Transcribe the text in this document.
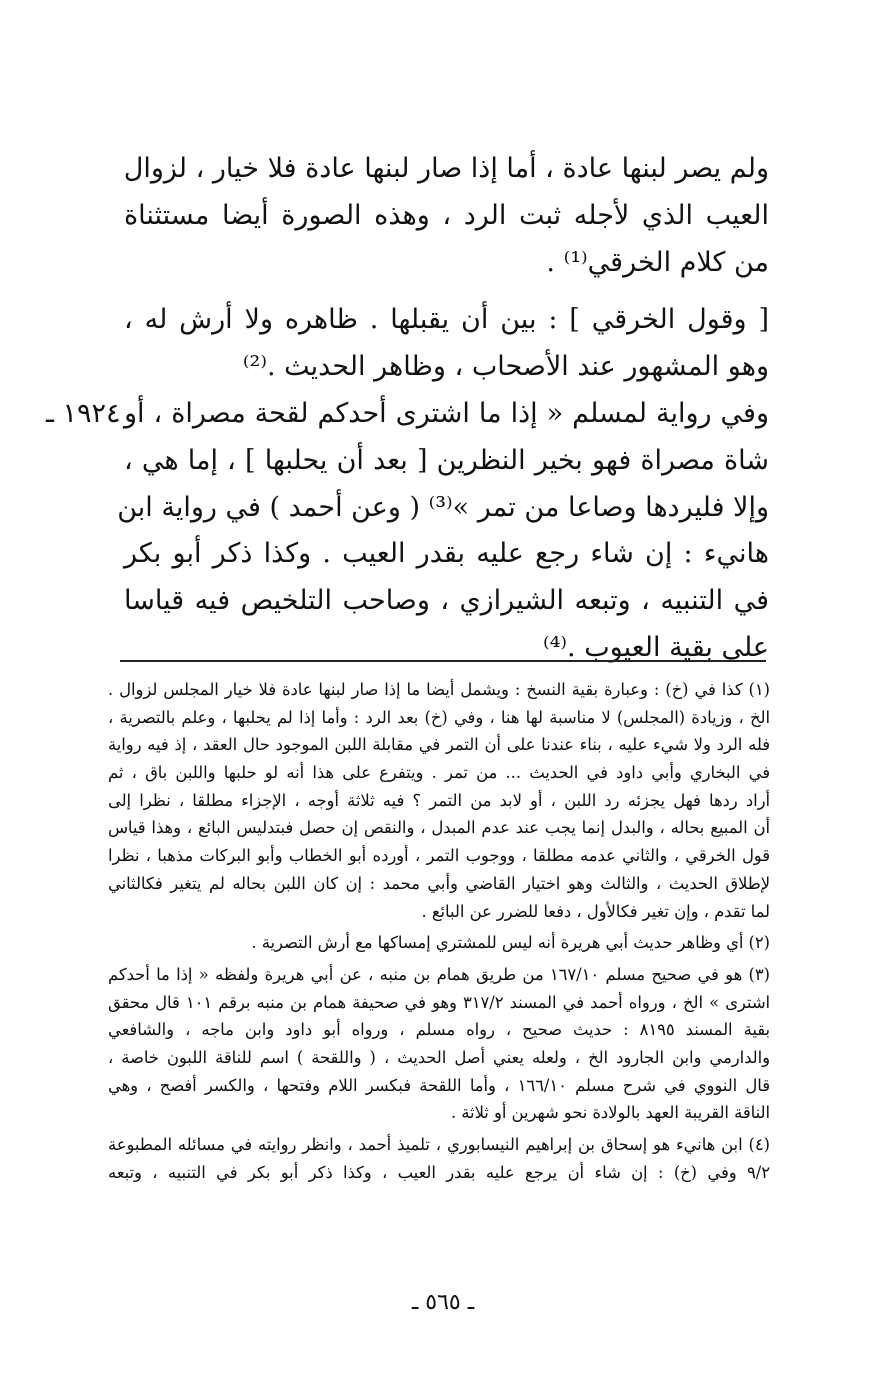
ولم يصر لبنها عادة ، أما إذا صار لبنها عادة فلا خيار ، لزوال
العيب الذي لأجله ثبت الرد ، وهذه الصورة أيضا مستثناة
من كلام الخرقي⁽¹⁾ .
[ وقول الخرقي ] : بين أن يقبلها . ظاهره ولا أرش له ،
وهو المشهور عند الأصحاب ، وظاهر الحديث .⁽²⁾
١٩٢٤ ـ وفي رواية لمسلم « إذا ما اشترى أحدكم لقحة مصراة ، أو
شاة مصراة فهو بخير النظرين [ بعد أن يحلبها ] ، إما هي ،
وإلا فليردها وصاعا من تمر »⁽³⁾ ( وعن أحمد ) في رواية ابن
هانيء : إن شاء رجع عليه بقدر العيب . وكذا ذكر أبو بكر
في التنبيه ، وتبعه الشيرازي ، وصاحب التلخيص فيه قياسا
على بقية العيوب .⁽⁴⁾
(١) كذا في (خ) : وعبارة بقية النسخ : ويشمل أيضا ما إذا صار لبنها عادة فلا خيار المجلس لزوال .
الخ ، وزيادة (المجلس) لا مناسبة لها هنا ، وفي (خ) بعد الرد : وأما إذا لم يحلبها ، وعلم بالتصرية ،
فله الرد ولا شيء عليه ، بناء عندنا على أن التمر في مقابلة اللبن الموجود حال العقد ، إذ فيه رواية
في البخاري وأبي داود في الحديث ... من تمر . ويتفرع على هذا أنه لو حلبها واللبن باق ، ثم
أراد ردها فهل يجزئه رد اللبن ، أو لابد من التمر ؟ فيه ثلاثة أوجه ، الإجزاء مطلقا ، نظرا إلى
أن المبيع بحاله ، والبدل إنما يجب عند عدم المبدل ، والنقص إن حصل فبتدليس البائع ، وهذا قياس
قول الخرقي ، والثاني عدمه مطلقا ، ووجوب التمر ، أورده أبو الخطاب وأبو البركات مذهبا ، نظرا
لإطلاق الحديث ، والثالث وهو اختيار القاضي وأبي محمد : إن كان اللبن بحاله لم يتغير فكالثاني
لما تقدم ، وإن تغير فكالأول ، دفعا للضرر عن البائع .
(٢) أي وظاهر حديث أبي هريرة أنه ليس للمشتري إمساكها مع أرش التصرية .
(٣) هو في صحيح مسلم ١٦٧/١٠ من طريق همام بن منبه ، عن أبي هريرة ولفظه « إذا ما أحدكم
اشترى » الخ ، ورواه أحمد في المسند ٣١٧/٢ وهو في صحيفة همام بن منبه برقم ١٠١ قال محقق
بقية المسند ٨١٩٥ : حديث صحيح ، رواه مسلم ، ورواه أبو داود وابن ماجه ، والشافعي
والدارمي وابن الجارود الخ ، ولعله يعني أصل الحديث ، ( واللقحة ) اسم للناقة اللبون خاصة ،
قال النووي في شرح مسلم ١٦٦/١٠ ، وأما اللقحة فبكسر اللام وفتحها ، والكسر أفصح ، وهي
الناقة القريبة العهد بالولادة نحو شهرين أو ثلاثة .
(٤) ابن هانيء هو إسحاق بن إبراهيم النيسابوري ، تلميذ أحمد ، وانظر روايته في مسائله المطبوعة
٩/٢ وفي (خ) : إن شاء أن يرجع عليه بقدر العيب ، وكذا ذكر أبو بكر في التنبيه ، وتبعه
ـ ٥٦٥ ـ
